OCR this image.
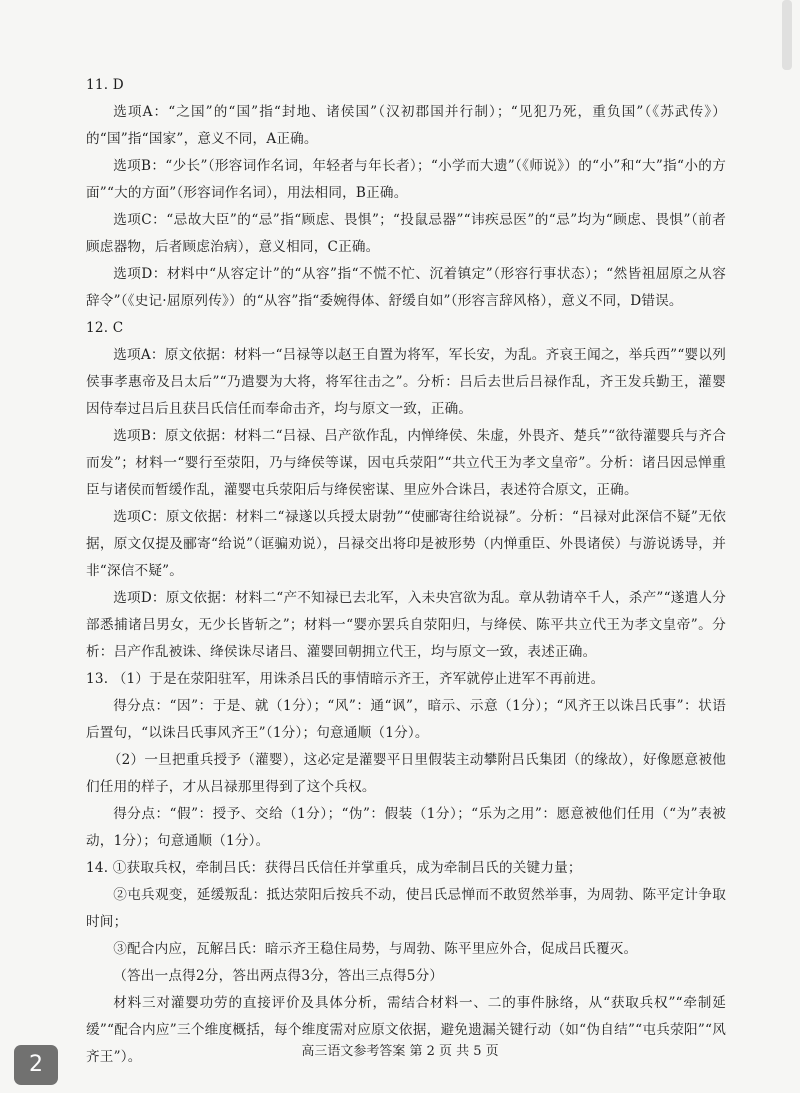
11. D

选项A：“之国”的“国”指“封地、诸侯国”（汉初郡国并行制）；“见犯乃死，重负国”（《苏武传》）的“国”指“国家”，意义不同，A正确。

选项B：“少长”（形容词作名词，年轻者与年长者）；“小学而大遗”（《师说》）的“小”和“大”指“小的方面”“大的方面”（形容词作名词），用法相同，B正确。

选项C：“忌故大臣”的“忌”指“顾虑、畏惧”；“投鼠忌器”“讳疾忌医”的“忌”均为“顾虑、畏惧”（前者顾虑器物，后者顾虑治病），意义相同，C正确。

选项D：材料中“从容定计”的“从容”指“不慌不忙、沉着镇定”（形容行事状态）；“然皆祖屈原之从容辞令”（《史记·屈原列传》）的“从容”指“委婉得体、舒缓自如”（形容言辞风格），意义不同，D错误。

12. C

选项A：原文依据：材料一“吕禄等以赵王自置为将军，军长安，为乱。齐哀王闻之，举兵西”“婴以列侯事孝惠帝及吕太后”“乃遣婴为大将，将军往击之”。分析：吕后去世后吕禄作乱，齐王发兵勤王，灌婴因侍奉过吕后且获吕氏信任而奉命击齐，均与原文一致，正确。

选项B：原文依据：材料二“吕禄、吕产欲作乱，内惮绛侯、朱虚，外畏齐、楚兵”“欲待灌婴兵与齐合而发”；材料一“婴行至荥阳，乃与绛侯等谋，因屯兵荥阳”“共立代王为孝文皇帝”。分析：诸吕因忌惮重臣与诸侯而暂缓作乱，灌婴屯兵荥阳后与绛侯密谋、里应外合诛吕，表述符合原文，正确。

选项C：原文依据：材料二“禄遂以兵授太尉勃”“使郦寄往给说禄”。分析：“吕禄对此深信不疑”无依据，原文仅提及郦寄“给说”（诓骗劝说），吕禄交出将印是被形势（内惮重臣、外畏诸侯）与游说诱导，并非“深信不疑”。

选项D：原文依据：材料二“产不知禄已去北军，入未央宫欲为乱。章从勃请卒千人，杀产”“遂遣人分部悉捕诸吕男女，无少长皆斩之”；材料一“婴亦罢兵自荥阳归，与绛侯、陈平共立代王为孝文皇帝”。分析：吕产作乱被诛、绛侯诛尽诸吕、灌婴回朝拥立代王，均与原文一致，表述正确。

13. （1）于是在荥阳驻军，用诛杀吕氏的事情暗示齐王，齐军就停止进军不再前进。

得分点：“因”：于是、就（1分）；“风”：通“讽”，暗示、示意（1分）；“风齐王以诛吕氏事”：状语后置句，“以诛吕氏事风齐王”（1分）；句意通顺（1分）。

（2）一旦把重兵授予（灌婴），这必定是灌婴平日里假装主动攀附吕氏集团（的缘故），好像愿意被他们任用的样子，才从吕禄那里得到了这个兵权。

得分点：“假”：授予、交给（1分）；“伪”：假装（1分）；“乐为之用”：愿意被他们任用（“为”表被动，1分）；句意通顺（1分）。

14. ①获取兵权，牵制吕氏：获得吕氏信任并掌重兵，成为牵制吕氏的关键力量；

②屯兵观变，延缓叛乱：抵达荥阳后按兵不动，使吕氏忌惮而不敢贸然举事，为周勃、陈平定计争取时间；

③配合内应，瓦解吕氏：暗示齐王稳住局势，与周勃、陈平里应外合，促成吕氏覆灭。

（答出一点得2分，答出两点得3分，答出三点得5分）

材料三对灌婴功劳的直接评价及具体分析，需结合材料一、二的事件脉络，从“获取兵权”“牵制延缓”“配合内应”三个维度概括，每个维度需对应原文依据，避免遗漏关键行动（如“伪自结”“屯兵荥阳”“风齐王”）。	高三语文参考答案 第 2 页 共 5 页
2
